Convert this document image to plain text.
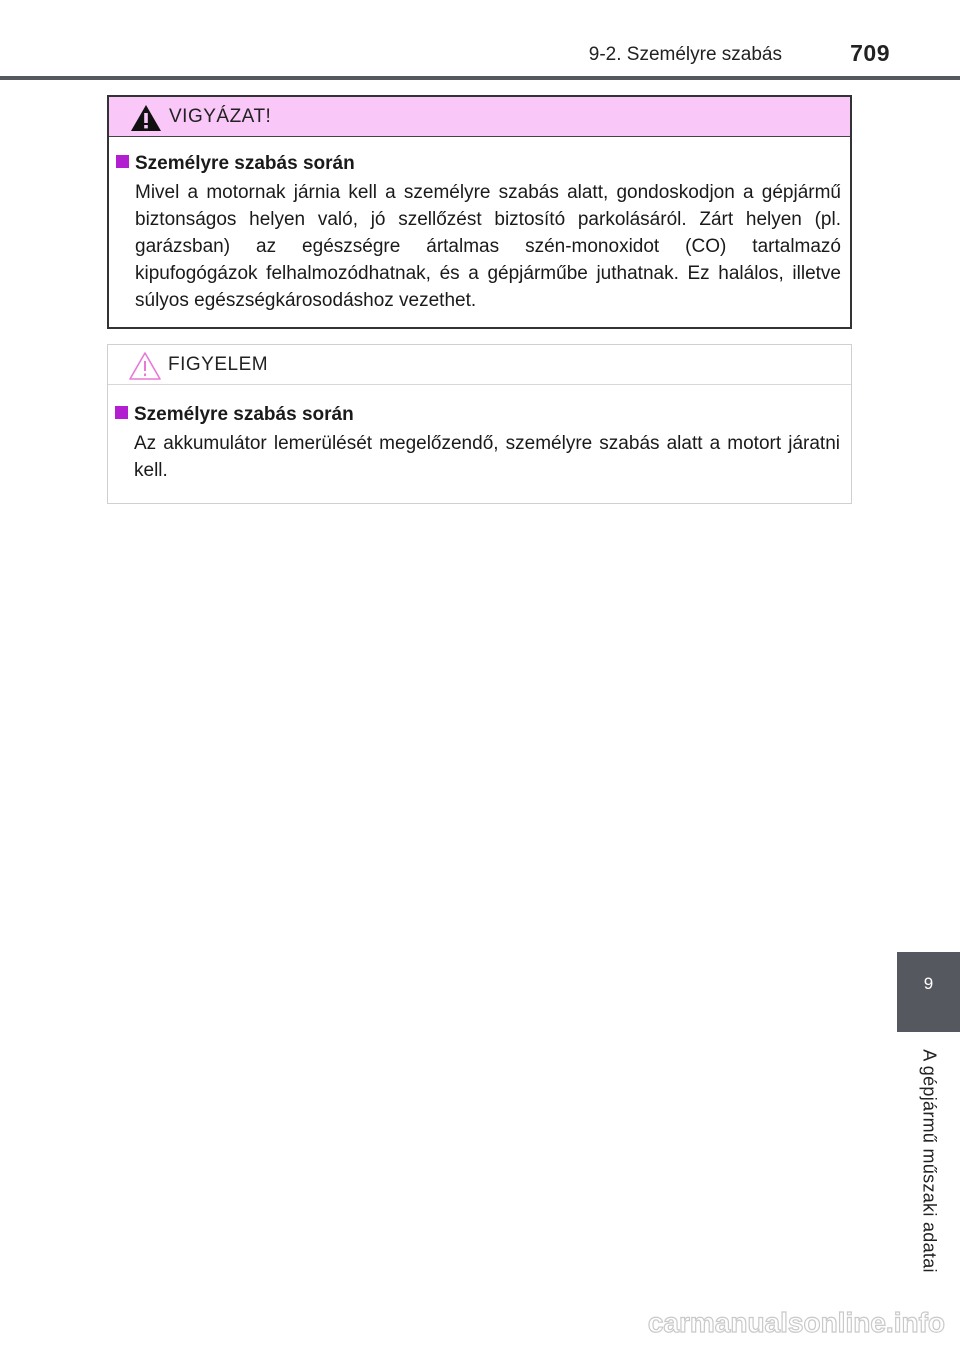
9-2. Személyre szabás	709
VIGYÁZAT!
Személyre szabás során
Mivel a motornak járnia kell a személyre szabás alatt, gondoskodjon a gépjármű biztonságos helyen való, jó szellőzést biztosító parkolásáról. Zárt helyen (pl. garázsban) az egészségre ártalmas szén-monoxidot (CO) tartalmazó kipufogógázok felhalmozódhatnak, és a gépjárműbe juthatnak. Ez halálos, illetve súlyos egészségkárosodáshoz vezethet.
FIGYELEM
Személyre szabás során
Az akkumulátor lemerülését megelőzendő, személyre szabás alatt a motort járatni kell.
9
A gépjármű műszaki adatai
carmanualsonline.info
